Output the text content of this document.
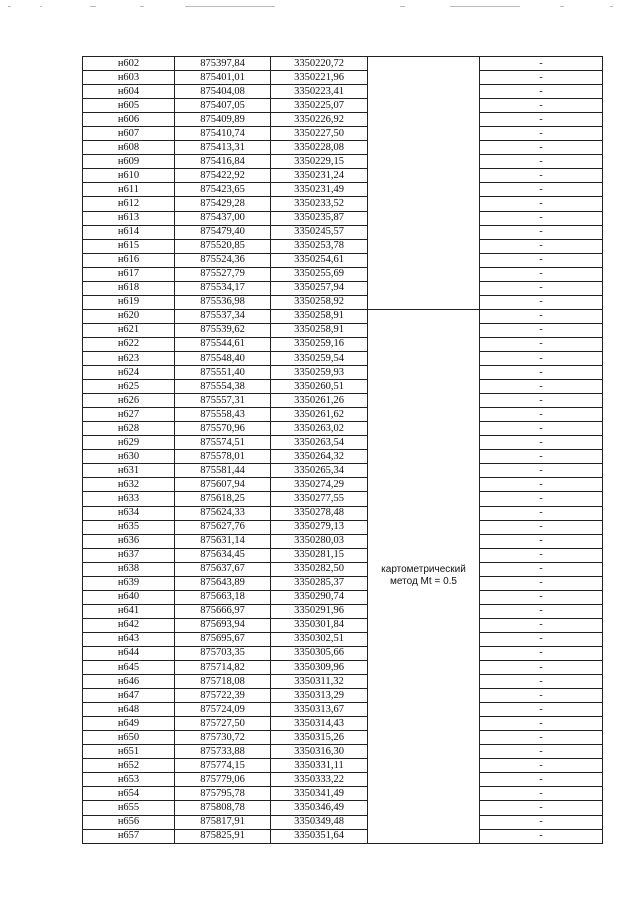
н602	875397,84	3350220,72		-
н603	875401,01	3350221,96		-
н604	875404,08	3350223,41		-
н605	875407,05	3350225,07		-
н606	875409,89	3350226,92		-
н607	875410,74	3350227,50		-
н608	875413,31	3350228,08		-
н609	875416,84	3350229,15		-
н610	875422,92	3350231,24		-
н611	875423,65	3350231,49		-
н612	875429,28	3350233,52		-
н613	875437,00	3350235,87		-
н614	875479,40	3350245,57		-
н615	875520,85	3350253,78		-
н616	875524,36	3350254,61		-
н617	875527,79	3350255,69		-
н618	875534,17	3350257,94		-
н619	875536,98	3350258,92		-
н620	875537,34	3350258,91	картометрический метод Mt = 0.5	-
н621	875539,62	3350258,91		-
н622	875544,61	3350259,16		-
н623	875548,40	3350259,54		-
н624	875551,40	3350259,93		-
н625	875554,38	3350260,51		-
н626	875557,31	3350261,26		-
н627	875558,43	3350261,62		-
н628	875570,96	3350263,02		-
н629	875574,51	3350263,54		-
н630	875578,01	3350264,32		-
н631	875581,44	3350265,34		-
н632	875607,94	3350274,29		-
н633	875618,25	3350277,55		-
н634	875624,33	3350278,48		-
н635	875627,76	3350279,13		-
н636	875631,14	3350280,03		-
н637	875634,45	3350281,15		-
н638	875637,67	3350282,50		-
н639	875643,89	3350285,37		-
н640	875663,18	3350290,74		-
н641	875666,97	3350291,96		-
н642	875693,94	3350301,84		-
н643	875695,67	3350302,51		-
н644	875703,35	3350305,66		-
н645	875714,82	3350309,96		-
н646	875718,08	3350311,32		-
н647	875722,39	3350313,29		-
н648	875724,09	3350313,67		-
н649	875727,50	3350314,43		-
н650	875730,72	3350315,26		-
н651	875733,88	3350316,30		-
н652	875774,15	3350331,11		-
н653	875779,06	3350333,22		-
н654	875795,78	3350341,49		-
н655	875808,78	3350346,49		-
н656	875817,91	3350349,48		-
н657	875825,91	3350351,64		-
